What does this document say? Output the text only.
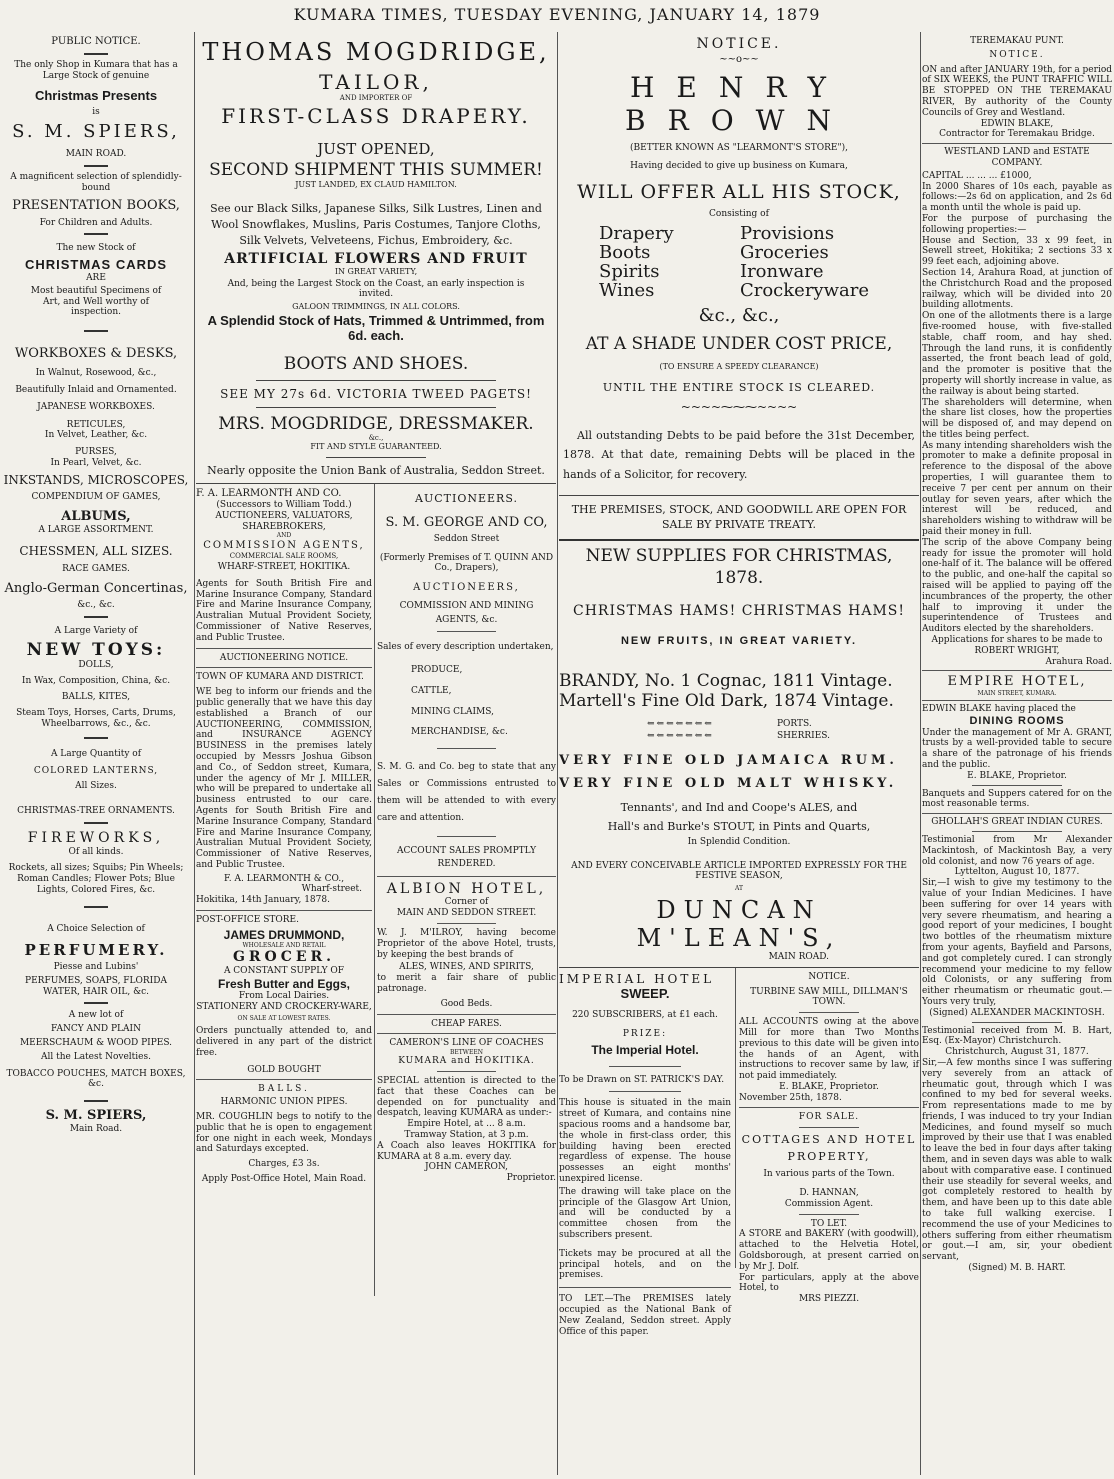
KUMARA TIMES, TUESDAY EVENING, JANUARY 14, 1879

PUBLIC NOTICE.

The only Shop in Kumara that has a Large Stock of genuine

Christmas Presents

is

S. M. SPIERS,

MAIN ROAD.

A magnificent selection of splendidly-bound

PRESENTATION BOOKS,

For Children and Adults.

The new Stock of

CHRISTMAS CARDS

ARE

Most beautiful Specimens of Art, and Well worthy of inspection.

WORKBOXES & DESKS,

In Walnut, Rosewood, &c.,

Beautifully Inlaid and Ornamented.

JAPANESE WORKBOXES.

RETICULES,

In Velvet, Leather, &c.

PURSES,

In Pearl, Velvet, &c.

INKSTANDS, MICROSCOPES,

COMPENDIUM OF GAMES,

ALBUMS,

A LARGE ASSORTMENT.

CHESSMEN, ALL SIZES.

RACE GAMES.

Anglo-German Concertinas,

&c., &c.

A Large Variety of

NEW TOYS:

DOLLS,

In Wax, Composition, China, &c.

BALLS, KITES,

Steam Toys, Horses, Carts, Drums, Wheelbarrows, &c., &c.

A Large Quantity of

COLORED LANTERNS,

All Sizes.

CHRISTMAS-TREE ORNAMENTS.

FIREWORKS,

Of all kinds.

Rockets, all sizes; Squibs; Pin Wheels; Roman Candles; Flower Pots; Blue Lights, Colored Fires, &c.

A Choice Selection of

PERFUMERY.

Piesse and Lubins'

PERFUMES, SOAPS, FLORIDA WATER, HAIR OIL, &c.

A new lot of

FANCY AND PLAIN

MEERSCHAUM & WOOD PIPES.

All the Latest Novelties.

TOBACCO POUCHES, MATCH BOXES, &c.

S. M. SPIERS,

Main Road.

THOMAS MOGDRIDGE,

TAILOR,

AND IMPORTER OF

FIRST-CLASS DRAPERY.

JUST OPENED,

SECOND SHIPMENT THIS SUMMER!

JUST LANDED, EX CLAUD HAMILTON.

See our Black Silks, Japanese Silks, Silk Lustres, Linen and Wool Snowflakes, Muslins, Paris Costumes, Tanjore Cloths, Silk Velvets, Velveteens, Fichus, Embroidery, &c.

ARTIFICIAL FLOWERS AND FRUIT

IN GREAT VARIETY,

And, being the Largest Stock on the Coast, an early inspection is invited.

GALOON TRIMMINGS, IN ALL COLORS.

A Splendid Stock of Hats, Trimmed & Untrimmed, from 6d. each.

BOOTS AND SHOES.

SEE MY 27s 6d. VICTORIA TWEED PAGETS!

MRS. MOGDRIDGE, DRESSMAKER.

&c.,

FIT AND STYLE GUARANTEED.

Nearly opposite the Union Bank of Australia, Seddon Street.

F. A. LEARMONTH AND CO.

(Successors to William Todd.)

AUCTIONEERS, VALUATORS, SHAREBROKERS,

AND

COMMISSION AGENTS,

COMMERCIAL SALE ROOMS,

WHARF-STREET, HOKITIKA.

Agents for South British Fire and Marine Insurance Company, Standard Fire and Marine Insurance Company, Australian Mutual Provident Society, Commissioner of Native Reserves, and Public Trustee.

AUCTIONEERING NOTICE.

TOWN OF KUMARA AND DISTRICT.

WE beg to inform our friends and the public generally that we have this day established a Branch of our AUCTIONEERING, COMMISSION, and INSURANCE AGENCY BUSINESS in the premises lately occupied by Messrs Joshua Gibson and Co., of Seddon street, Kumara, under the agency of Mr J. MILLER, who will be prepared to undertake all business entrusted to our care. Agents for South British Fire and Marine Insurance Company, Standard Fire and Marine Insurance Company, Australian Mutual Provident Society, Commissioner of Native Reserves, and Public Trustee.

F. A. LEARMONTH & CO.,

Wharf-street.

Hokitika, 14th January, 1878.

POST-OFFICE STORE.

JAMES DRUMMOND,

WHOLESALE AND RETAIL

GROCER.

A CONSTANT SUPPLY OF

Fresh Butter and Eggs,

From Local Dairies.

STATIONERY AND CROCKERY-WARE,

ON SALE AT LOWEST RATES.

Orders punctually attended to, and delivered in any part of the district free.

GOLD BOUGHT

BALLS.

HARMONIC UNION PIPES.

MR. COUGHLIN begs to notify to the public that he is open to engagement for one night in each week, Mondays and Saturdays excepted.

Charges, £3 3s.

Apply Post-Office Hotel, Main Road.

AUCTIONEERS.

S. M. GEORGE AND CO,

Seddon Street

(Formerly Premises of T. QUINN AND Co., Drapers),

AUCTIONEERS,

COMMISSION AND MINING AGENTS, &c.

Sales of every description undertaken,

PRODUCE,

CATTLE,

MINING CLAIMS,

MERCHANDISE, &c.

S. M. G. and Co. beg to state that any Sales or Commissions entrusted to them will be attended to with every care and attention.

ACCOUNT SALES PROMPTLY RENDERED.

ALBION HOTEL,

Corner of

MAIN AND SEDDON STREET.

W. J. M'ILROY, having become Proprietor of the above Hotel, trusts, by keeping the best brands of

ALES, WINES, AND SPIRITS,

to merit a fair share of public patronage.

Good Beds.

CHEAP FARES.

CAMERON'S LINE OF COACHES

BETWEEN

KUMARA and HOKITIKA.

SPECIAL attention is directed to the fact that these Coaches can be depended on for punctuality and despatch, leaving KUMARA as under:-

Empire Hotel, at ... 8 a.m.

Tramway Station, at 3 p.m.

A Coach also leaves HOKITIKA for KUMARA at 8 a.m. every day.

JOHN CAMERON,

Proprietor.

NOTICE.

~~o~~

HENRY BROWN

(BETTER KNOWN AS "LEARMONT'S STORE"),

Having decided to give up business on Kumara,

WILL OFFER ALL HIS STOCK,

Consisting of

Drapery

Boots

Spirits

Wines

Provisions

Groceries

Ironware

Crockeryware

&c., &c.,

AT A SHADE UNDER COST PRICE,

(TO ENSURE A SPEEDY CLEARANCE)

UNTIL THE ENTIRE STOCK IS CLEARED.

~~~~⁓⁓⁓~~~~

All outstanding Debts to be paid before the 31st December, 1878. At that date, remaining Debts will be placed in the hands of a Solicitor, for recovery.

THE PREMISES, STOCK, AND GOODWILL ARE OPEN FOR SALE BY PRIVATE TREATY.

NEW SUPPLIES FOR CHRISTMAS, 1878.

CHRISTMAS HAMS! CHRISTMAS HAMS!

NEW FRUITS, IN GREAT VARIETY.

BRANDY, No. 1 Cognac, 1811 Vintage.

Martell's Fine Old Dark, 1874 Vintage.

⇐⇐⇐⇐⇐⇐⇐	PORTS.
⇐⇐⇐⇐⇐⇐⇐	SHERRIES.

VERY FINE OLD JAMAICA RUM.

VERY FINE OLD MALT WHISKY.

Tennants', and Ind and Coope's ALES, and

Hall's and Burke's STOUT, in Pints and Quarts,

In Splendid Condition.

AND EVERY CONCEIVABLE ARTICLE IMPORTED EXPRESSLY FOR THE FESTIVE SEASON,

AT

DUNCAN M'LEAN'S,

MAIN ROAD.

IMPERIAL HOTEL

SWEEP.

220 SUBSCRIBERS, at £1 each.

PRIZE:

The Imperial Hotel.

To be Drawn on ST. PATRICK'S DAY.

This house is situated in the main street of Kumara, and contains nine spacious rooms and a handsome bar, the whole in first-class order, this building having been erected regardless of expense. The house possesses an eight months' unexpired license.

The drawing will take place on the principle of the Glasgow Art Union, and will be conducted by a committee chosen from the subscribers present.

Tickets may be procured at all the principal hotels, and on the premises.

TO LET.—The PREMISES lately occupied as the National Bank of New Zealand, Seddon street. Apply Office of this paper.

NOTICE.

TURBINE SAW MILL, DILLMAN'S TOWN.

ALL ACCOUNTS owing at the above Mill for more than Two Months previous to this date will be given into the hands of an Agent, with instructions to recover same by law, if not paid immediately.

E. BLAKE, Proprietor.

November 25th, 1878.

FOR SALE.

COTTAGES AND HOTEL PROPERTY,

In various parts of the Town.

D. HANNAN,

Commission Agent.

TO LET.

A STORE and BAKERY (with goodwill), attached to the Helvetia Hotel, Goldsborough, at present carried on by Mr J. Dolf.

For particulars, apply at the above Hotel, to

MRS PIEZZI.

TEREMAKAU PUNT.

NOTICE.

ON and after JANUARY 19th, for a period of SIX WEEKS, the PUNT TRAFFIC WILL BE STOPPED ON THE TEREMAKAU RIVER, By authority of the County Councils of Grey and Westland.

EDWIN BLAKE,

Contractor for Teremakau Bridge.

WESTLAND LAND and ESTATE COMPANY.

CAPITAL ... ... ... £1000,

In 2000 Shares of 10s each, payable as follows:—2s 6d on application, and 2s 6d a month until the whole is paid up.

For the purpose of purchasing the following properties:—

House and Section, 33 x 99 feet, in Sewell street, Hokitika; 2 sections 33 x 99 feet each, adjoining above.

Section 14, Arahura Road, at junction of the Christchurch Road and the proposed railway, which will be divided into 20 building allotments.

On one of the allotments there is a large five-roomed house, with five-stalled stable, chaff room, and hay shed. Through the land runs, it is confidently asserted, the front beach lead of gold, and the promoter is positive that the property will shortly increase in value, as the railway is about being started.

The shareholders will determine, when the share list closes, how the properties will be disposed of, and may depend on the titles being perfect.

As many intending shareholders wish the promoter to make a definite proposal in reference to the disposal of the above properties, I will guarantee them to receive 7 per cent per annum on their outlay for seven years, after which the interest will be reduced, and shareholders wishing to withdraw will be paid their money in full.

The scrip of the above Company being ready for issue the promoter will hold one-half of it. The balance will be offered to the public, and one-half the capital so raised will be applied to paying off the incumbrances of the property, the other half to improving it under the superintendence of Trustees and Auditors elected by the shareholders.

Applications for shares to be made to

ROBERT WRIGHT,

Arahura Road.

EMPIRE HOTEL,

MAIN STREET, KUMARA.

EDWIN BLAKE having placed the

DINING ROOMS

Under the management of Mr A. GRANT, trusts by a well-provided table to secure a share of the patronage of his friends and the public.

E. BLAKE, Proprietor.

Banquets and Suppers catered for on the most reasonable terms.

GHOLLAH'S GREAT INDIAN CURES.

Testimonial from Mr Alexander Mackintosh, of Mackintosh Bay, a very old colonist, and now 76 years of age.

Lyttelton, August 10, 1877.

Sir,—I wish to give my testimony to the value of your Indian Medicines. I have been suffering for over 14 years with very severe rheumatism, and hearing a good report of your medicines, I bought two bottles of the rheumatism mixture from your agents, Bayfield and Parsons, and got completely cured. I can strongly recommend your medicine to my fellow old Colonists, or any suffering from either rheumatism or rheumatic gout.—Yours very truly,

(Signed) ALEXANDER MACKINTOSH.

Testimonial received from M. B. Hart, Esq. (Ex-Mayor) Christchurch.

Christchurch, August 31, 1877.

Sir,—A few months since I was suffering very severely from an attack of rheumatic gout, through which I was confined to my bed for several weeks. From representations made to me by friends, I was induced to try your Indian Medicines, and found myself so much improved by their use that I was enabled to leave the bed in four days after taking them, and in seven days was able to walk about with comparative ease. I continued their use steadily for several weeks, and got completely restored to health by them, and have been up to this date able to take full walking exercise. I recommend the use of your Medicines to others suffering from either rheumatism or gout.—I am, sir, your obedient servant,

(Signed) M. B. HART.
